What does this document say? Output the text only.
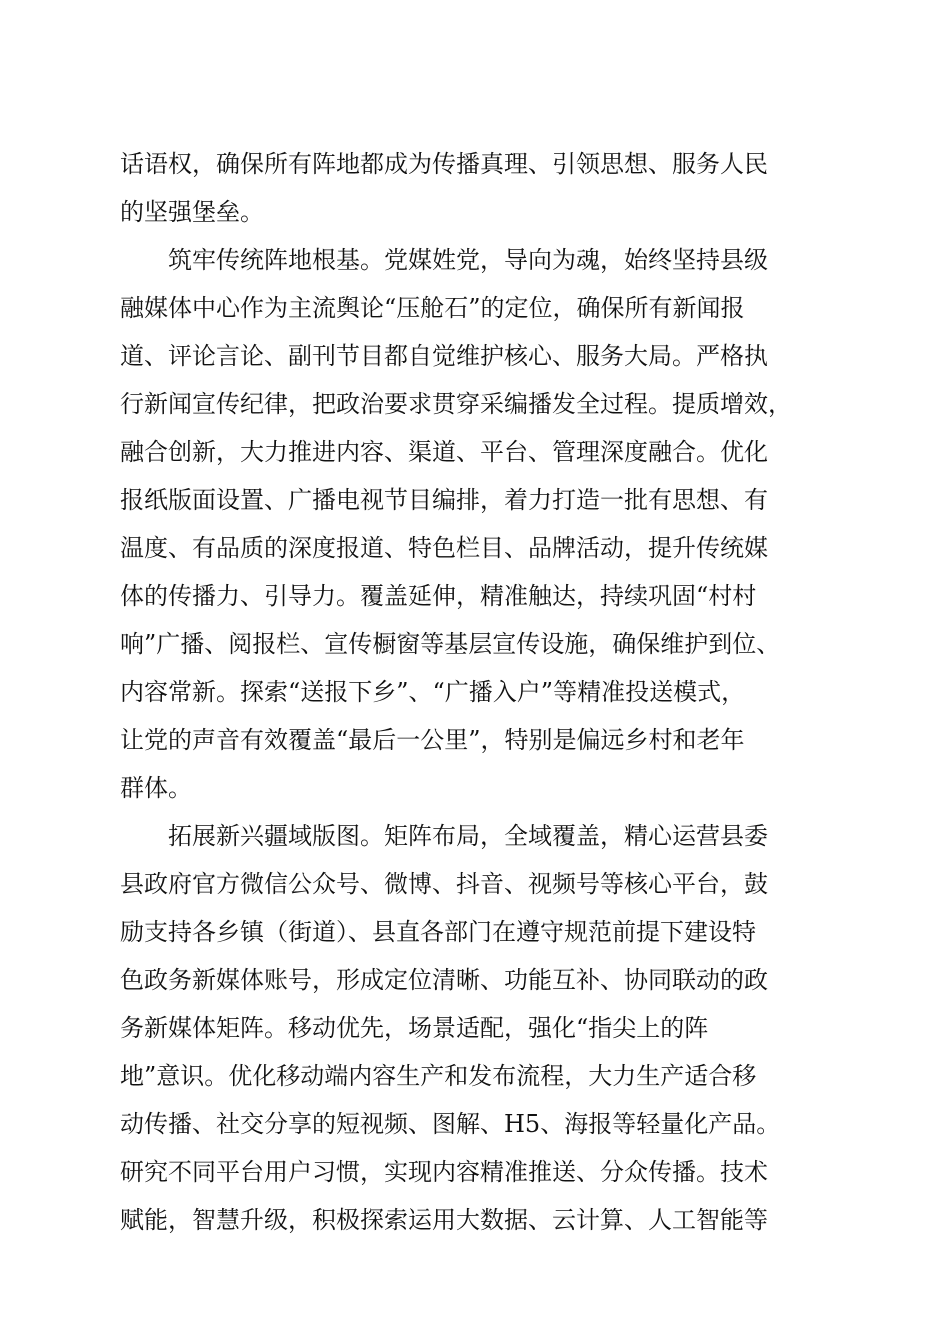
话语权，确保所有阵地都成为传播真理、引领思想、服务人民
的坚强堡垒。
　　筑牢传统阵地根基。党媒姓党，导向为魂，始终坚持县级
融媒体中心作为主流舆论“压舱石”的定位，确保所有新闻报
道、评论言论、副刊节目都自觉维护核心、服务大局。严格执
行新闻宣传纪律，把政治要求贯穿采编播发全过程。提质增效，
融合创新，大力推进内容、渠道、平台、管理深度融合。优化
报纸版面设置、广播电视节目编排，着力打造一批有思想、有
温度、有品质的深度报道、特色栏目、品牌活动，提升传统媒
体的传播力、引导力。覆盖延伸，精准触达，持续巩固“村村
响”广播、阅报栏、宣传橱窗等基层宣传设施，确保维护到位、
内容常新。探索“送报下乡”、“广播入户”等精准投送模式，
让党的声音有效覆盖“最后一公里”，特别是偏远乡村和老年
群体。
　　拓展新兴疆域版图。矩阵布局，全域覆盖，精心运营县委
县政府官方微信公众号、微博、抖音、视频号等核心平台，鼓
励支持各乡镇（街道）、县直各部门在遵守规范前提下建设特
色政务新媒体账号，形成定位清晰、功能互补、协同联动的政
务新媒体矩阵。移动优先，场景适配，强化“指尖上的阵
地”意识。优化移动端内容生产和发布流程，大力生产适合移
动传播、社交分享的短视频、图解、H5、海报等轻量化产品。
研究不同平台用户习惯，实现内容精准推送、分众传播。技术
赋能，智慧升级，积极探索运用大数据、云计算、人工智能等
